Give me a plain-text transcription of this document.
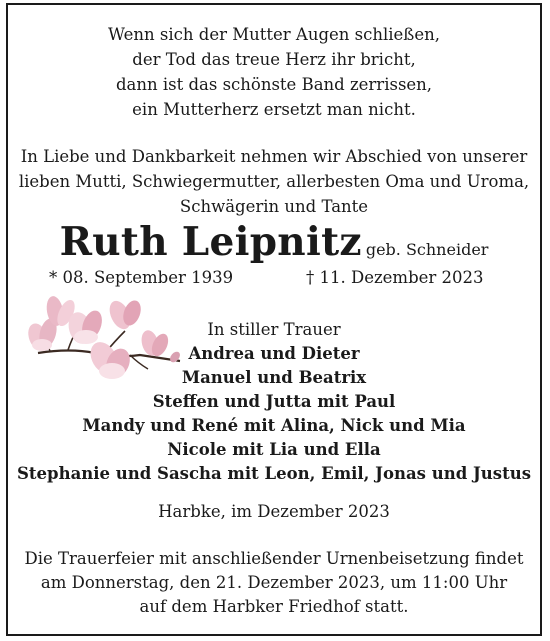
Wenn sich der Mutter Augen schließen,
der Tod das treue Herz ihr bricht,
dann ist das schönste Band zerrissen,
ein Mutterherz ersetzt man nicht.
In Liebe und Dankbarkeit nehmen wir Abschied von unserer
lieben Mutti, Schwiegermutter, allerbesten Oma und Uroma,
Schwägerin und Tante
Ruth Leipnitz geb. Schneider
* 08. September 1939	† 11. Dezember 2023
In stiller Trauer
Andrea und Dieter
Manuel und Beatrix
Steffen und Jutta mit Paul
Mandy und René mit Alina, Nick und Mia
Nicole mit Lia und Ella
Stephanie und Sascha mit Leon, Emil, Jonas und Justus
Harbke, im Dezember 2023
Die Trauerfeier mit anschließender Urnenbeisetzung findet
am Donnerstag, den 21. Dezember 2023, um 11:00 Uhr
auf dem Harbker Friedhof statt.
